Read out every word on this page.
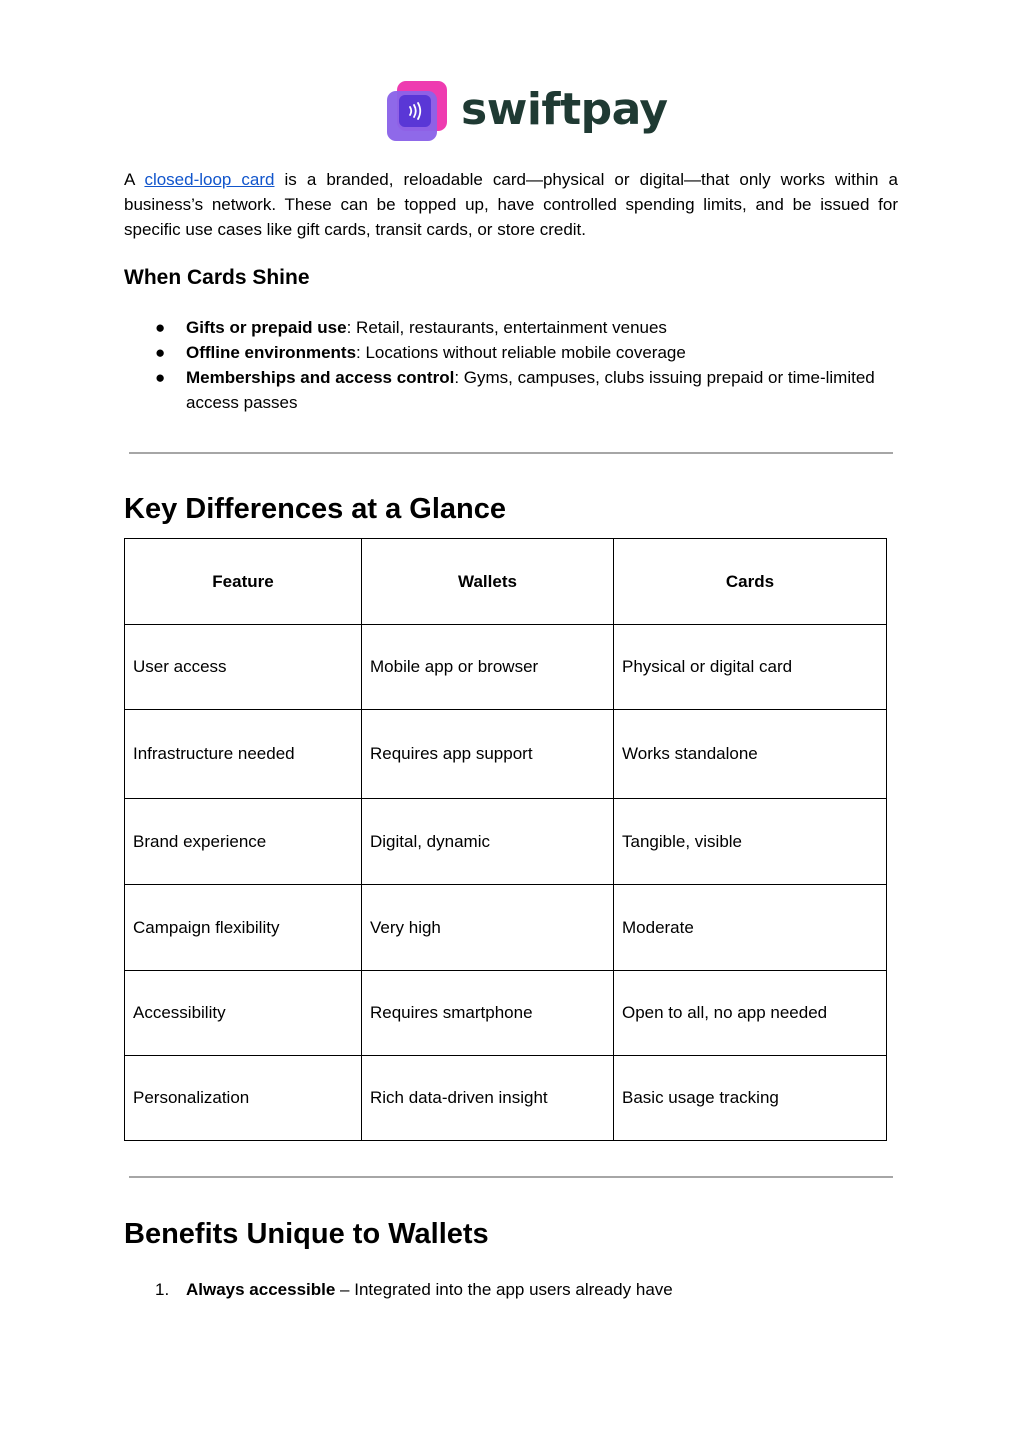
swiftpay

A closed-loop card is a branded, reloadable card—physical or digital—that only works within a business’s network. These can be topped up, have controlled spending limits, and be issued for specific use cases like gift cards, transit cards, or store credit.

When Cards Shine
● Gifts or prepaid use: Retail, restaurants, entertainment venues
● Offline environments: Locations without reliable mobile coverage
● Memberships and access control: Gyms, campuses, clubs issuing prepaid or time-limited access passes
Key Differences at a Glance
Feature	Wallets	Cards
User access	Mobile app or browser	Physical or digital card
Infrastructure needed	Requires app support	Works standalone
Brand experience	Digital, dynamic	Tangible, visible
Campaign flexibility	Very high	Moderate
Accessibility	Requires smartphone	Open to all, no app needed
Personalization	Rich data-driven insight	Basic usage tracking
Benefits Unique to Wallets
1. Always accessible – Integrated into the app users already have
